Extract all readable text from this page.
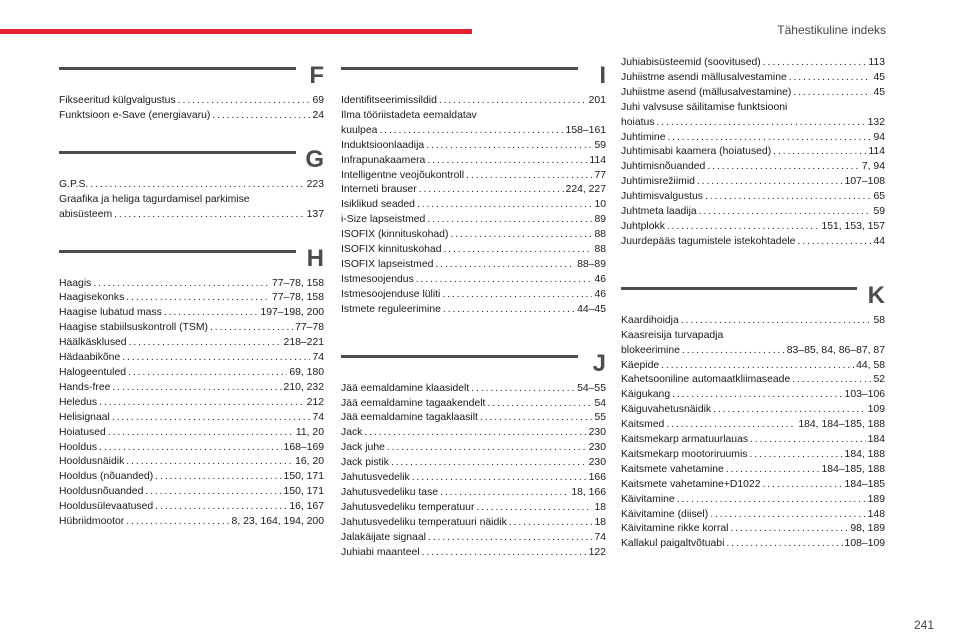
Tähestikuline indeks
F
Fikseeritud külgvalgustus . . .	69
Funktsioon e-Save (energiavaru) . . .	24
G
G.P.S. . . .	223
Graafika ja heliga tagurdamisel parkimise
abisüsteem . . .	137
H
Haagis . . .	77–78, 158
Haagisekonks . . .	77–78, 158
Haagise lubatud mass . . .	197–198, 200
Haagise stabiilsuskontroll (TSM) . . .	77–78
Häälkäsklused . . .	218–221
Hädaabikõne . . .	74
Halogeentuled . . .	69, 180
Hands-free . . .	210, 232
Heledus . . .	212
Helisignaal . . .	74
Hoiatused . . .	11, 20
Hooldus . . .	168–169
Hooldusnäidik . . .	16, 20
Hooldus (nõuanded) . . .	150, 171
Hooldusnõuanded . . .	150, 171
Hooldusülevaatused . . .	16, 167
Hübriidmootor . . .	8, 23, 164, 194, 200
I
Identifitseerimissildid . . .	201
Ilma tööriistadeta eemaldatav
kuulpea . . .	158–161
Induktsioonlaadija . . .	59
Infrapunakaamera . . .	114
Intelligentne veojõukontroll . . .	77
Interneti brauser . . .	224, 227
Isiklikud seaded . . .	10
i-Size lapseistmed . . .	89
ISOFIX (kinnituskohad) . . .	88
ISOFIX kinnituskohad . . .	88
ISOFIX lapseistmed . . .	88–89
Istmesoojendus . . .	46
Istmesoojenduse lüliti . . .	46
Istmete reguleerimine . . .	44–45
J
Jää eemaldamine klaasidelt . . .	54–55
Jää eemaldamine tagaakendelt . . .	54
Jää eemaldamine tagaklaasilt . . .	55
Jack . . .	230
Jack juhe . . .	230
Jack pistik . . .	230
Jahutusvedelik . . .	166
Jahutusvedeliku tase . . .	18, 166
Jahutusvedeliku temperatuur . . .	18
Jahutusvedeliku temperatuuri näidik . . .	18
Jalakäijate signaal . . .	74
Juhiabi maanteel . . .	122
Juhiabisüsteemid (soovitused) . . .	113
Juhiistme asendi mällusalvestamine . . .	45
Juhiistme asend (mällusalvestamine) . . .	45
Juhi valvsuse säilitamise funktsiooni
hoiatus . . .	132
Juhtimine . . .	94
Juhtimisabi kaamera (hoiatused) . . .	114
Juhtimisnõuanded . . .	7, 94
Juhtimisrežiimid . . .	107–108
Juhtimisvalgustus . . .	65
Juhtmeta laadija . . .	59
Juhtplokk . . .	151, 153, 157
Juurdepääs tagumistele istekohtadele . . .	44
K
Kaardihoidja . . .	58
Kaasreisija turvapadja
blokeerimine . . .	83–85, 84, 86–87, 87
Käepide . . .	44, 58
Kahetsooniline automaatkliimaseade . . .	52
Käigukang . . .	103–106
Käiguvahetusnäidik . . .	109
Kaitsmed . . .	184, 184–185, 188
Kaitsmekarp armatuurlauas . . .	184
Kaitsmekarp mootoriruumis . . .	184, 188
Kaitsmete vahetamine . . .	184–185, 188
Kaitsmete vahetamine+D1022 . . .	184–185
Käivitamine . . .	189
Käivitamine (diisel) . . .	148
Käivitamine rikke korral . . .	98, 189
Kallakul paigaltvõtuabi . . .	108–109
241
